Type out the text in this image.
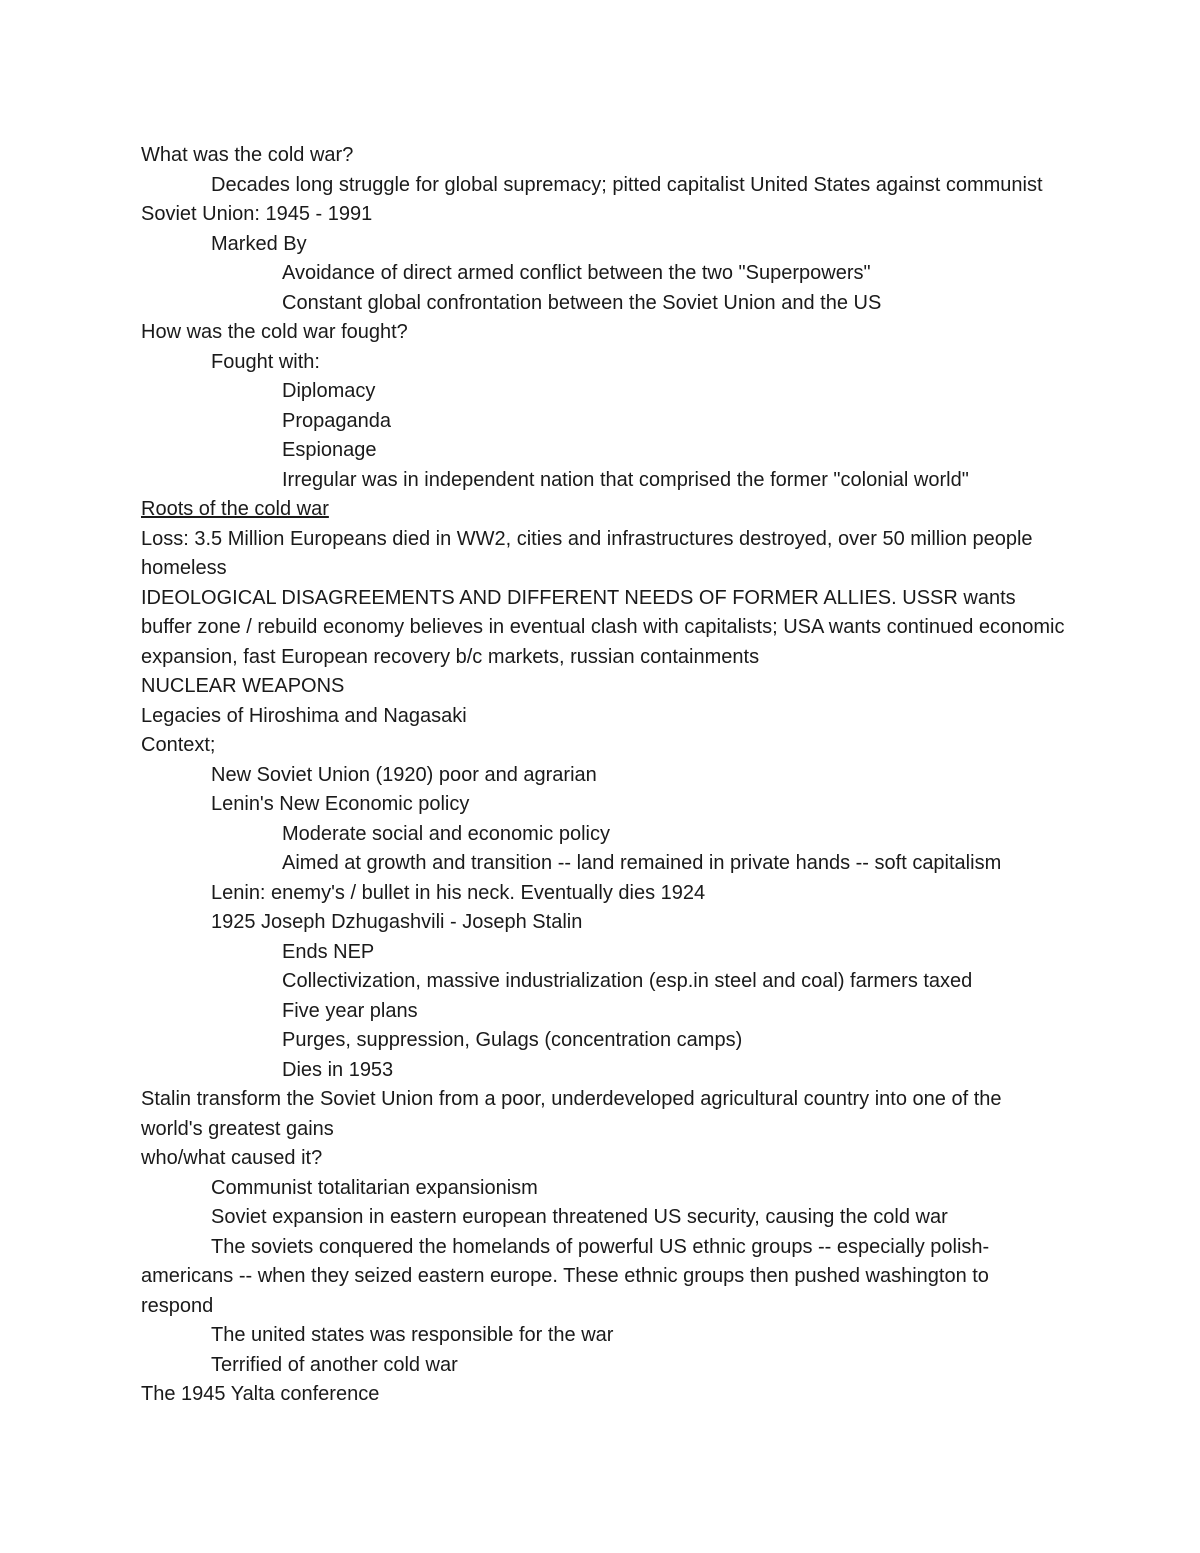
What was the cold war?

Decades long struggle for global supremacy; pitted capitalist United States against communist Soviet Union: 1945 - 1991

Marked By

Avoidance of direct armed conflict between the two "Superpowers"

Constant global confrontation between the Soviet Union and the US

How was the cold war fought?

Fought with:

Diplomacy

Propaganda

Espionage

Irregular was in independent nation that comprised the former "colonial world"

Roots of the cold war

Loss: 3.5 Million Europeans died in WW2, cities and infrastructures destroyed, over 50 million people homeless

IDEOLOGICAL DISAGREEMENTS AND DIFFERENT NEEDS OF FORMER ALLIES. USSR wants buffer zone / rebuild economy believes in eventual clash with capitalists; USA wants continued economic expansion, fast European recovery b/c markets, russian containments

NUCLEAR WEAPONS

Legacies of Hiroshima and Nagasaki

Context;

New Soviet Union (1920) poor and agrarian

Lenin's New Economic policy

Moderate social and economic policy

Aimed at growth and transition -- land remained in private hands -- soft capitalism

Lenin: enemy's / bullet in his neck. Eventually dies 1924

1925 Joseph Dzhugashvili - Joseph Stalin

Ends NEP

Collectivization, massive industrialization (esp.in steel and coal) farmers taxed

Five year plans

Purges, suppression, Gulags (concentration camps)

Dies in 1953

Stalin transform the Soviet Union from a poor, underdeveloped agricultural country into one of the world's greatest gains

who/what caused it?

Communist totalitarian expansionism

Soviet expansion in eastern european threatened US security, causing the cold war

The soviets conquered the homelands of powerful US ethnic groups -- especially polish-americans -- when they seized eastern europe. These ethnic groups then pushed washington to respond

The united states was responsible for the war

Terrified of another cold war

The 1945 Yalta conference
